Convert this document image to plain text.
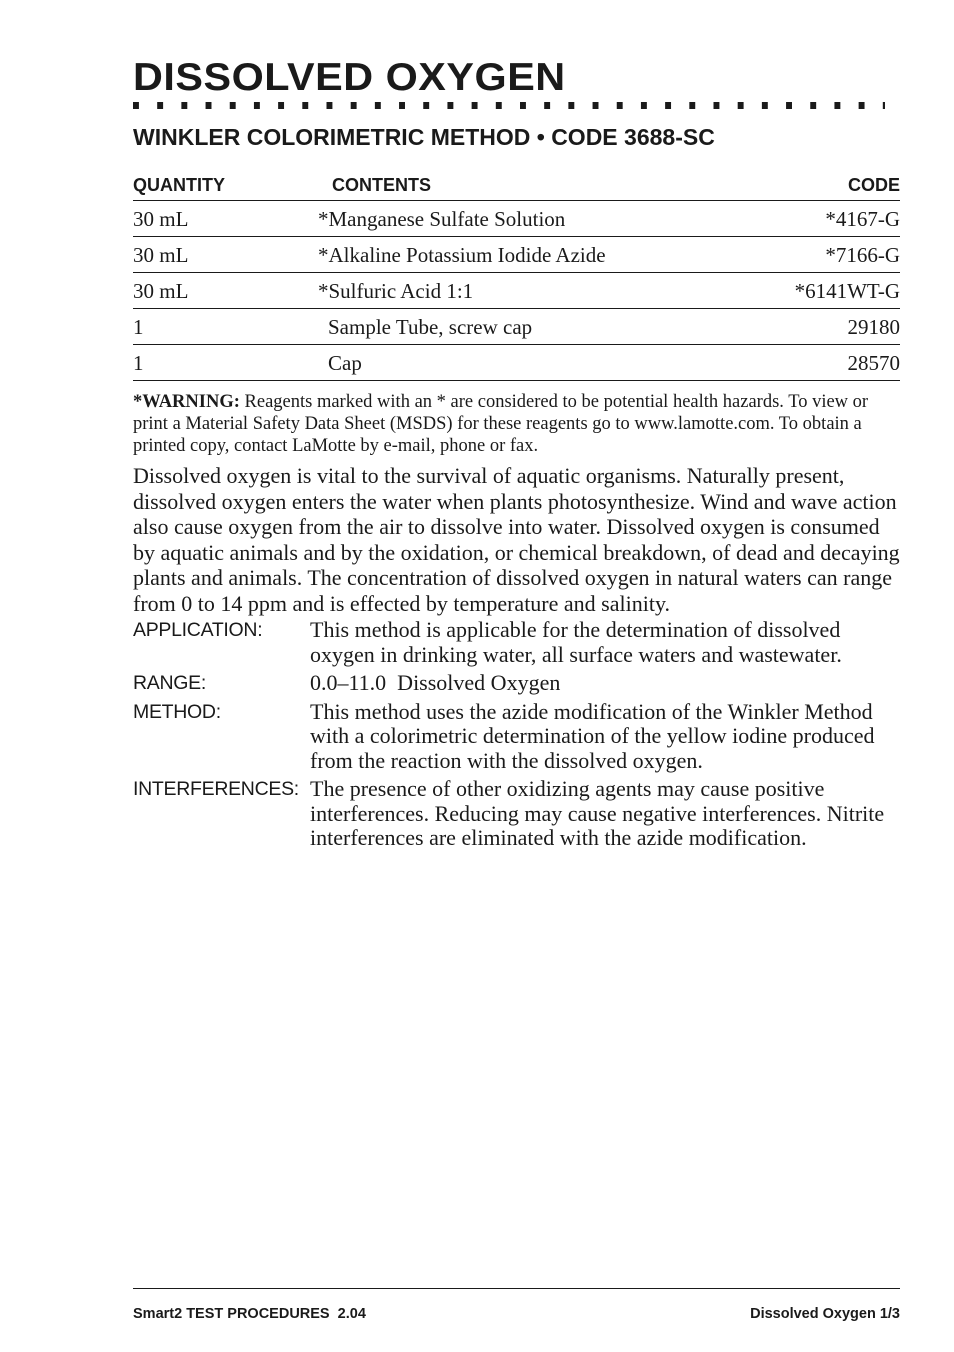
DISSOLVED OXYGEN
WINKLER COLORIMETRIC METHOD • CODE 3688-SC
QUANTITY	CONTENTS	CODE
30 mL	*Manganese Sulfate Solution	*4167-G
30 mL	*Alkaline Potassium Iodide Azide	*7166-G
30 mL	*Sulfuric Acid 1:1	*6141WT-G
1	Sample Tube, screw cap	29180
1	Cap	28570

*WARNING: Reagents marked with an * are considered to be potential health hazards. To view or print a Material Safety Data Sheet (MSDS) for these reagents go to www.lamotte.com. To obtain a printed copy, contact LaMotte by e-mail, phone or fax.

Dissolved oxygen is vital to the survival of aquatic organisms. Naturally present, dissolved oxygen enters the water when plants photosynthesize. Wind and wave action also cause oxygen from the air to dissolve into water. Dissolved oxygen is consumed by aquatic animals and by the oxidation, or chemical breakdown, of dead and decaying plants and animals. The concentration of dissolved oxygen in natural waters can range from 0 to 14 ppm and is effected by temperature and salinity.

APPLICATION:	This method is applicable for the determination of dissolved oxygen in drinking water, all surface waters and wastewater.
RANGE:	0.0–11.0  Dissolved Oxygen
METHOD:	This method uses the azide modification of the Winkler Method with a colorimetric determination of the yellow iodine produced from the reaction with the dissolved oxygen.
INTERFERENCES: The presence of other oxidizing agents may cause positive interferences. Reducing may cause negative interferences. Nitrite interferences are eliminated with the azide modification.
Smart2 TEST PROCEDURES  2.04	Dissolved Oxygen 1/3
